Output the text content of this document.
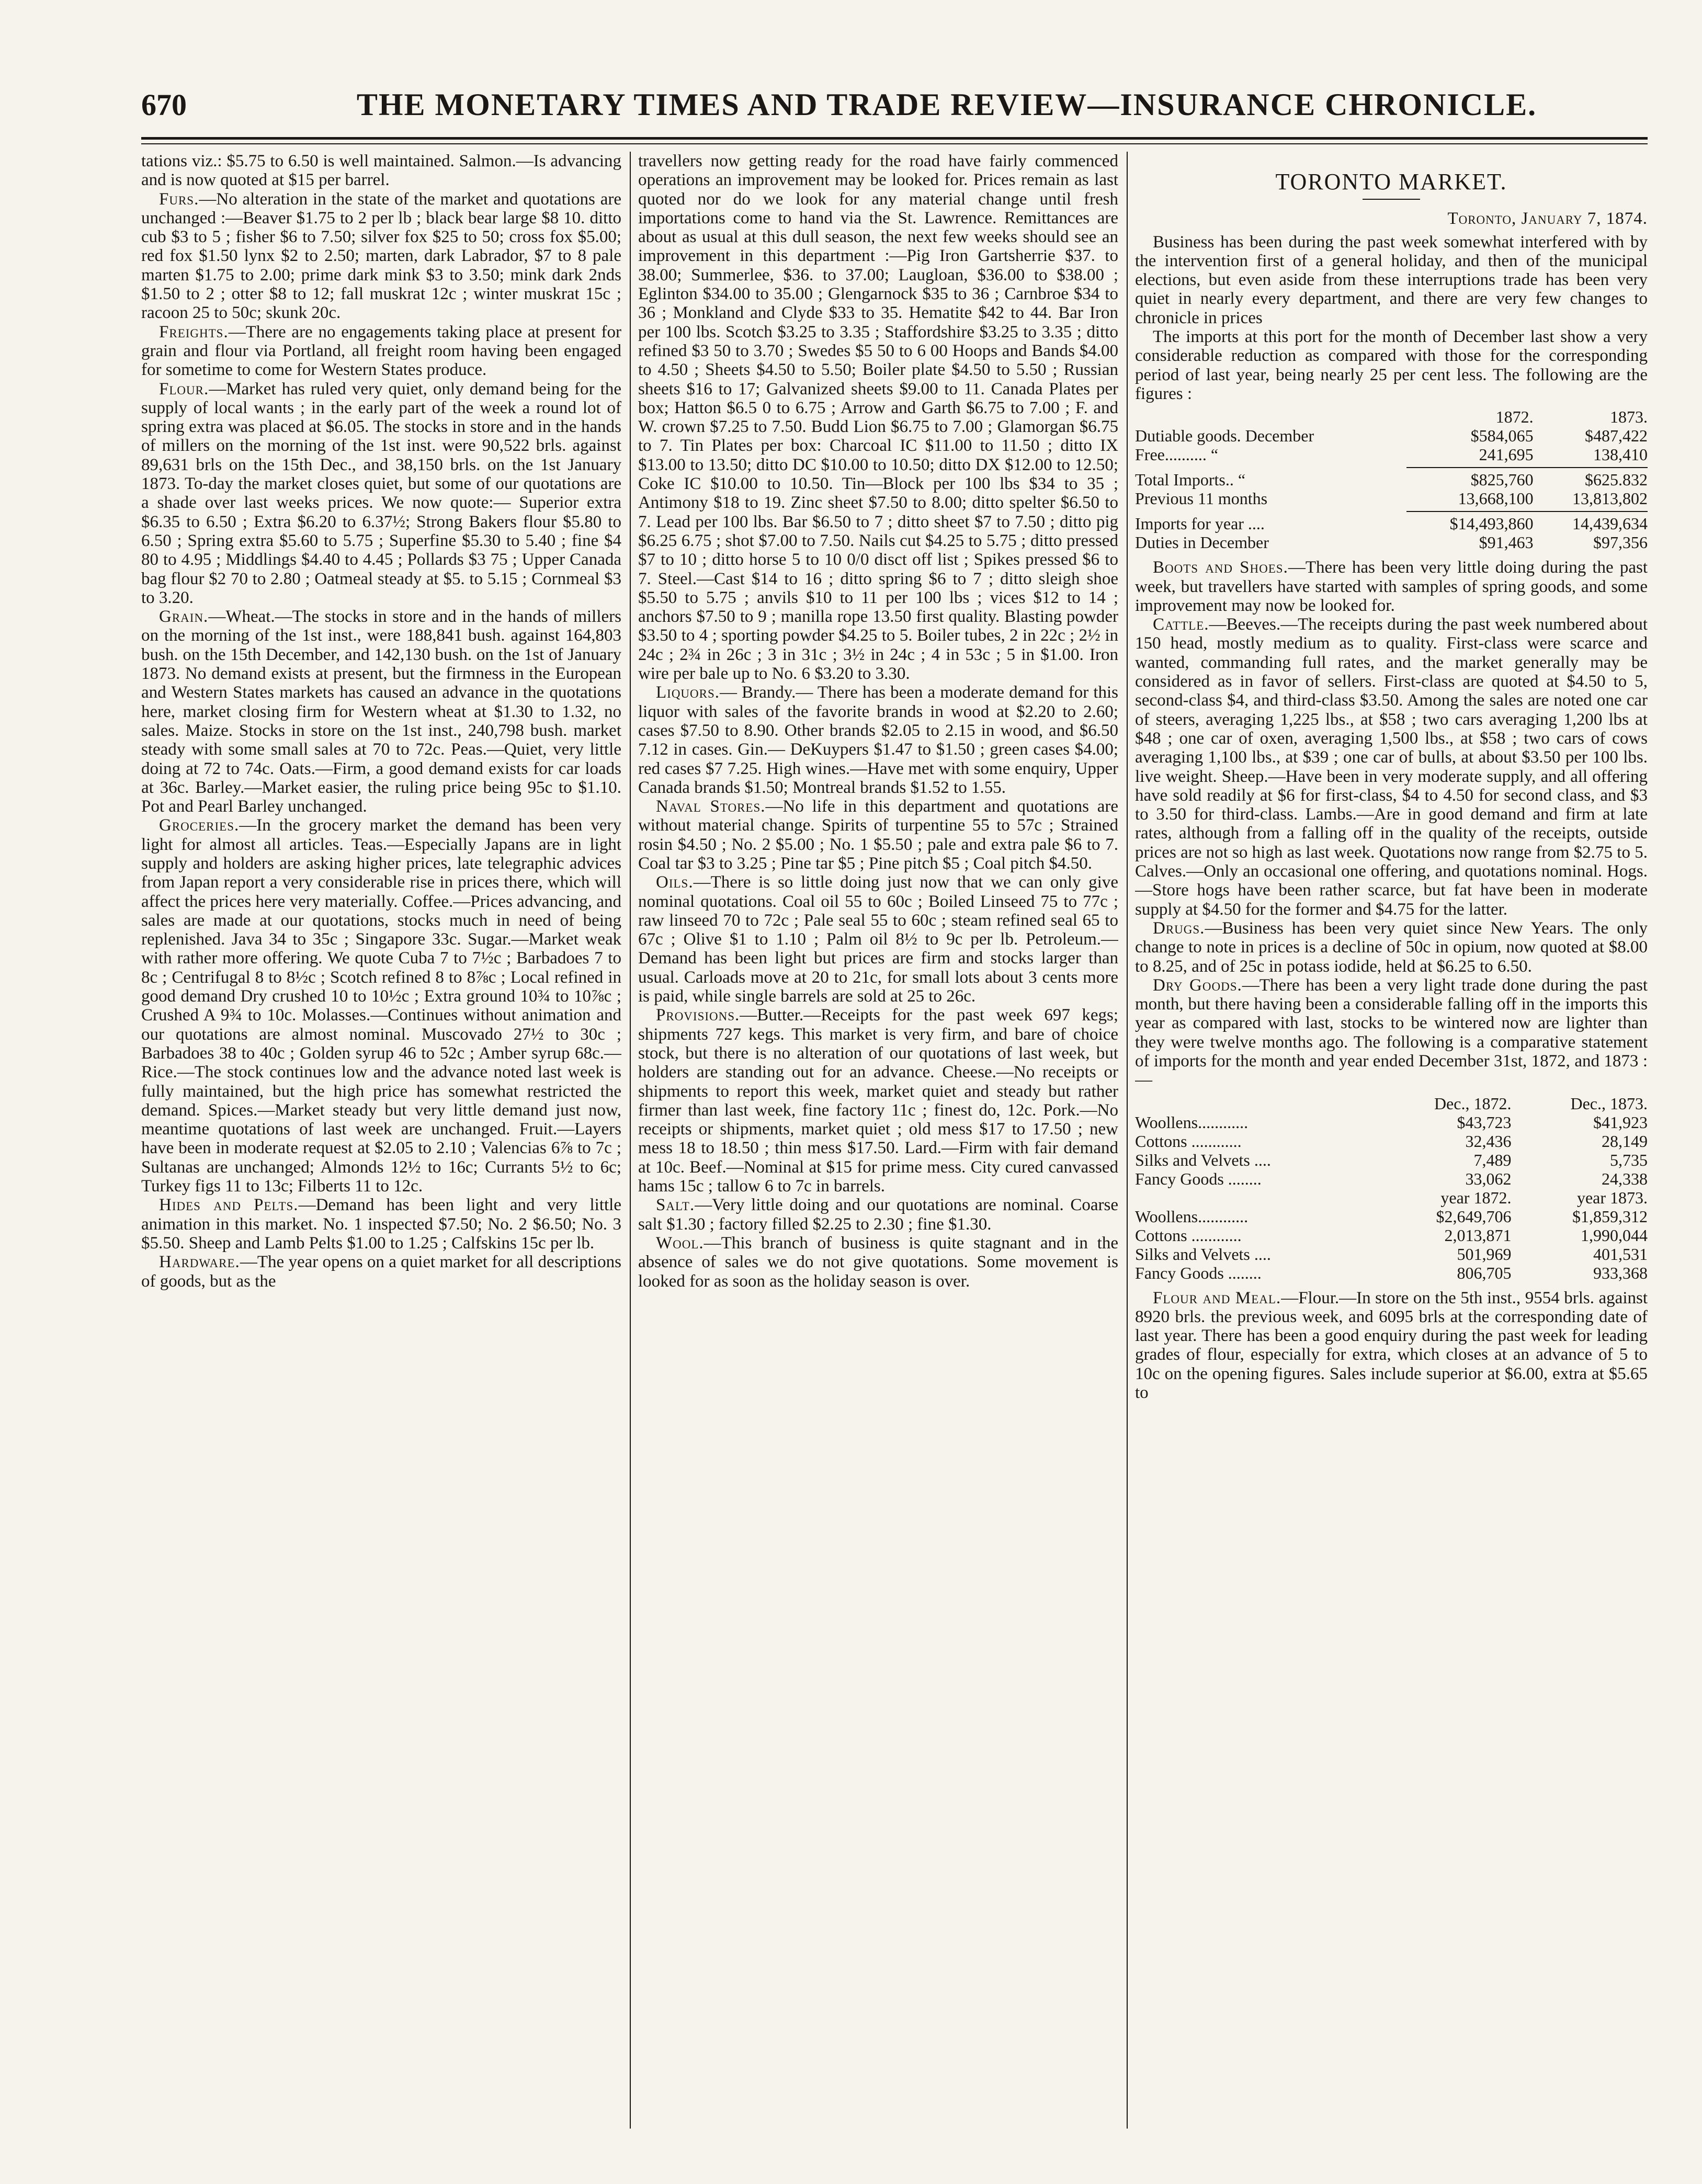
670	THE MONETARY TIMES AND TRADE REVIEW—INSURANCE CHRONICLE.

tations viz.: $5.75 to 6.50 is well maintained. Salmon.—Is advancing and is now quoted at $15 per barrel.

Furs.—No alteration in the state of the market and quotations are unchanged :—Beaver $1.75 to 2 per lb ; black bear large $8 10. ditto cub $3 to 5 ; fisher $6 to 7.50; silver fox $25 to 50; cross fox $5.00; red fox $1.50 lynx $2 to 2.50; marten, dark Labrador, $7 to 8 pale marten $1.75 to 2.00; prime dark mink $3 to 3.50; mink dark 2nds $1.50 to 2 ; otter $8 to 12; fall muskrat 12c ; winter muskrat 15c ; racoon 25 to 50c; skunk 20c.

Freights.—There are no engagements taking place at present for grain and flour via Portland, all freight room having been engaged for sometime to come for Western States produce.

Flour.—Market has ruled very quiet, only demand being for the supply of local wants ; in the early part of the week a round lot of spring extra was placed at $6.05. The stocks in store and in the hands of millers on the morning of the 1st inst. were 90,522 brls. against 89,631 brls on the 15th Dec., and 38,150 brls. on the 1st January 1873. To-day the market closes quiet, but some of our quotations are a shade over last weeks prices. We now quote:— Superior extra $6.35 to 6.50 ; Extra $6.20 to 6.37½; Strong Bakers flour $5.80 to 6.50 ; Spring extra $5.60 to 5.75 ; Superfine $5.30 to 5.40 ; fine $4 80 to 4.95 ; Middlings $4.40 to 4.45 ; Pollards $3 75 ; Upper Canada bag flour $2 70 to 2.80 ; Oatmeal steady at $5. to 5.15 ; Cornmeal $3 to 3.20.

Grain.—Wheat.—The stocks in store and in the hands of millers on the morning of the 1st inst., were 188,841 bush. against 164,803 bush. on the 15th December, and 142,130 bush. on the 1st of January 1873. No demand exists at present, but the firmness in the European and Western States markets has caused an advance in the quotations here, market closing firm for Western wheat at $1.30 to 1.32, no sales. Maize. Stocks in store on the 1st inst., 240,798 bush. market steady with some small sales at 70 to 72c. Peas.—Quiet, very little doing at 72 to 74c. Oats.—Firm, a good demand exists for car loads at 36c. Barley.—Market easier, the ruling price being 95c to $1.10. Pot and Pearl Barley unchanged.

Groceries.—In the grocery market the demand has been very light for almost all articles. Teas.—Especially Japans are in light supply and holders are asking higher prices, late telegraphic advices from Japan report a very considerable rise in prices there, which will affect the prices here very materially. Coffee.—Prices advancing, and sales are made at our quotations, stocks much in need of being replenished. Java 34 to 35c ; Singapore 33c. Sugar.—Market weak with rather more offering. We quote Cuba 7 to 7½c ; Barbadoes 7 to 8c ; Centrifugal 8 to 8½c ; Scotch refined 8 to 8⅞c ; Local refined in good demand Dry crushed 10 to 10½c ; Extra ground 10¾ to 10⅞c ; Crushed A 9¾ to 10c. Molasses.—Continues without animation and our quotations are almost nominal. Muscovado 27½ to 30c ; Barbadoes 38 to 40c ; Golden syrup 46 to 52c ; Amber syrup 68c.—Rice.—The stock continues low and the advance noted last week is fully maintained, but the high price has somewhat restricted the demand. Spices.—Market steady but very little demand just now, meantime quotations of last week are unchanged. Fruit.—Layers have been in moderate request at $2.05 to 2.10 ; Valencias 6⅞ to 7c ; Sultanas are unchanged; Almonds 12½ to 16c; Currants 5½ to 6c; Turkey figs 11 to 13c; Filberts 11 to 12c.

Hides and Pelts.—Demand has been light and very little animation in this market. No. 1 inspected $7.50; No. 2 $6.50; No. 3 $5.50. Sheep and Lamb Pelts $1.00 to 1.25 ; Calfskins 15c per lb.

Hardware.—The year opens on a quiet market for all descriptions of goods, but as the

travellers now getting ready for the road have fairly commenced operations an improvement may be looked for. Prices remain as last quoted nor do we look for any material change until fresh importations come to hand via the St. Lawrence. Remittances are about as usual at this dull season, the next few weeks should see an improvement in this department :—Pig Iron Gartsherrie $37. to 38.00; Summerlee, $36. to 37.00; Laugloan, $36.00 to $38.00 ; Eglinton $34.00 to 35.00 ; Glengarnock $35 to 36 ; Carnbroe $34 to 36 ; Monkland and Clyde $33 to 35. Hematite $42 to 44. Bar Iron per 100 lbs. Scotch $3.25 to 3.35 ; Staffordshire $3.25 to 3.35 ; ditto refined $3 50 to 3.70 ; Swedes $5 50 to 6 00 Hoops and Bands $4.00 to 4.50 ; Sheets $4.50 to 5.50; Boiler plate $4.50 to 5.50 ; Russian sheets $16 to 17; Galvanized sheets $9.00 to 11. Canada Plates per box; Hatton $6.5 0 to 6.75 ; Arrow and Garth $6.75 to 7.00 ; F. and W. crown $7.25 to 7.50. Budd Lion $6.75 to 7.00 ; Glamorgan $6.75 to 7. Tin Plates per box: Charcoal IC $11.00 to 11.50 ; ditto IX $13.00 to 13.50; ditto DC $10.00 to 10.50; ditto DX $12.00 to 12.50; Coke IC $10.00 to 10.50. Tin—Block per 100 lbs $34 to 35 ; Antimony $18 to 19. Zinc sheet $7.50 to 8.00; ditto spelter $6.50 to 7. Lead per 100 lbs. Bar $6.50 to 7 ; ditto sheet $7 to 7.50 ; ditto pig $6.25 6.75 ; shot $7.00 to 7.50. Nails cut $4.25 to 5.75 ; ditto pressed $7 to 10 ; ditto horse 5 to 10 0/0 disct off list ; Spikes pressed $6 to 7. Steel.—Cast $14 to 16 ; ditto spring $6 to 7 ; ditto sleigh shoe $5.50 to 5.75 ; anvils $10 to 11 per 100 lbs ; vices $12 to 14 ; anchors $7.50 to 9 ; manilla rope 13.50 first quality. Blasting powder $3.50 to 4 ; sporting powder $4.25 to 5. Boiler tubes, 2 in 22c ; 2½ in 24c ; 2¾ in 26c ; 3 in 31c ; 3½ in 24c ; 4 in 53c ; 5 in $1.00. Iron wire per bale up to No. 6 $3.20 to 3.30.

Liquors.— Brandy.— There has been a moderate demand for this liquor with sales of the favorite brands in wood at $2.20 to 2.60; cases $7.50 to 8.90. Other brands $2.05 to 2.15 in wood, and $6.50 7.12 in cases. Gin.— DeKuypers $1.47 to $1.50 ; green cases $4.00; red cases $7 7.25. High wines.—Have met with some enquiry, Upper Canada brands $1.50; Montreal brands $1.52 to 1.55.

Naval Stores.—No life in this department and quotations are without material change. Spirits of turpentine 55 to 57c ; Strained rosin $4.50 ; No. 2 $5.00 ; No. 1 $5.50 ; pale and extra pale $6 to 7. Coal tar $3 to 3.25 ; Pine tar $5 ; Pine pitch $5 ; Coal pitch $4.50.

Oils.—There is so little doing just now that we can only give nominal quotations. Coal oil 55 to 60c ; Boiled Linseed 75 to 77c ; raw linseed 70 to 72c ; Pale seal 55 to 60c ; steam refined seal 65 to 67c ; Olive $1 to 1.10 ; Palm oil 8½ to 9c per lb. Petroleum.—Demand has been light but prices are firm and stocks larger than usual. Carloads move at 20 to 21c, for small lots about 3 cents more is paid, while single barrels are sold at 25 to 26c.

Provisions.—Butter.—Receipts for the past week 697 kegs; shipments 727 kegs. This market is very firm, and bare of choice stock, but there is no alteration of our quotations of last week, but holders are standing out for an advance. Cheese.—No receipts or shipments to report this week, market quiet and steady but rather firmer than last week, fine factory 11c ; finest do, 12c. Pork.—No receipts or shipments, market quiet ; old mess $17 to 17.50 ; new mess 18 to 18.50 ; thin mess $17.50. Lard.—Firm with fair demand at 10c. Beef.—Nominal at $15 for prime mess. City cured canvassed hams 15c ; tallow 6 to 7c in barrels.

Salt.—Very little doing and our quotations are nominal. Coarse salt $1.30 ; factory filled $2.25 to 2.30 ; fine $1.30.

Wool.—This branch of business is quite stagnant and in the absence of sales we do not give quotations. Some movement is looked for as soon as the holiday season is over.

TORONTO MARKET.

Toronto, January 7, 1874.

Business has been during the past week somewhat interfered with by the intervention first of a general holiday, and then of the municipal elections, but even aside from these interruptions trade has been very quiet in nearly every department, and there are very few changes to chronicle in prices

The imports at this port for the month of December last show a very considerable reduction as compared with those for the corresponding period of last year, being nearly 25 per cent less. The following are the figures :

	1872.	1873.
Dutiable goods. December	$584,065	$487,422
Free.......... “	241,695	138,410

Total Imports.. “	$825,760	$625.832
Previous 11 months	13,668,100	13,813,802

Imports for year ....	$14,493,860	14,439,634
Duties in December	$91,463	$97,356

Boots and Shoes.—There has been very little doing during the past week, but travellers have started with samples of spring goods, and some improvement may now be looked for.

Cattle.—Beeves.—The receipts during the past week numbered about 150 head, mostly medium as to quality. First-class were scarce and wanted, commanding full rates, and the market generally may be considered as in favor of sellers. First-class are quoted at $4.50 to 5, second-class $4, and third-class $3.50. Among the sales are noted one car of steers, averaging 1,225 lbs., at $58 ; two cars averaging 1,200 lbs at $48 ; one car of oxen, averaging 1,500 lbs., at $58 ; two cars of cows averaging 1,100 lbs., at $39 ; one car of bulls, at about $3.50 per 100 lbs. live weight. Sheep.—Have been in very moderate supply, and all offering have sold readily at $6 for first-class, $4 to 4.50 for second class, and $3 to 3.50 for third-class. Lambs.—Are in good demand and firm at late rates, although from a falling off in the quality of the receipts, outside prices are not so high as last week. Quotations now range from $2.75 to 5. Calves.—Only an occasional one offering, and quotations nominal. Hogs.—Store hogs have been rather scarce, but fat have been in moderate supply at $4.50 for the former and $4.75 for the latter.

Drugs.—Business has been very quiet since New Years. The only change to note in prices is a decline of 50c in opium, now quoted at $8.00 to 8.25, and of 25c in potass iodide, held at $6.25 to 6.50.

Dry Goods.—There has been a very light trade done during the past month, but there having been a considerable falling off in the imports this year as compared with last, stocks to be wintered now are lighter than they were twelve months ago. The following is a comparative statement of imports for the month and year ended December 31st, 1872, and 1873 :—

	Dec., 1872.	Dec., 1873.
Woollens............	$43,723	$41,923
Cottons ............	32,436	28,149
Silks and Velvets ....	7,489	5,735
Fancy Goods ........	33,062	24,338
	year 1872.	year 1873.
Woollens............	$2,649,706	$1,859,312
Cottons ............	2,013,871	1,990,044
Silks and Velvets ....	501,969	401,531
Fancy Goods ........	806,705	933,368

Flour and Meal.—Flour.—In store on the 5th inst., 9554 brls. against 8920 brls. the previous week, and 6095 brls at the corresponding date of last year. There has been a good enquiry during the past week for leading grades of flour, especially for extra, which closes at an advance of 5 to 10c on the opening figures. Sales include superior at $6.00, extra at $5.65 to
